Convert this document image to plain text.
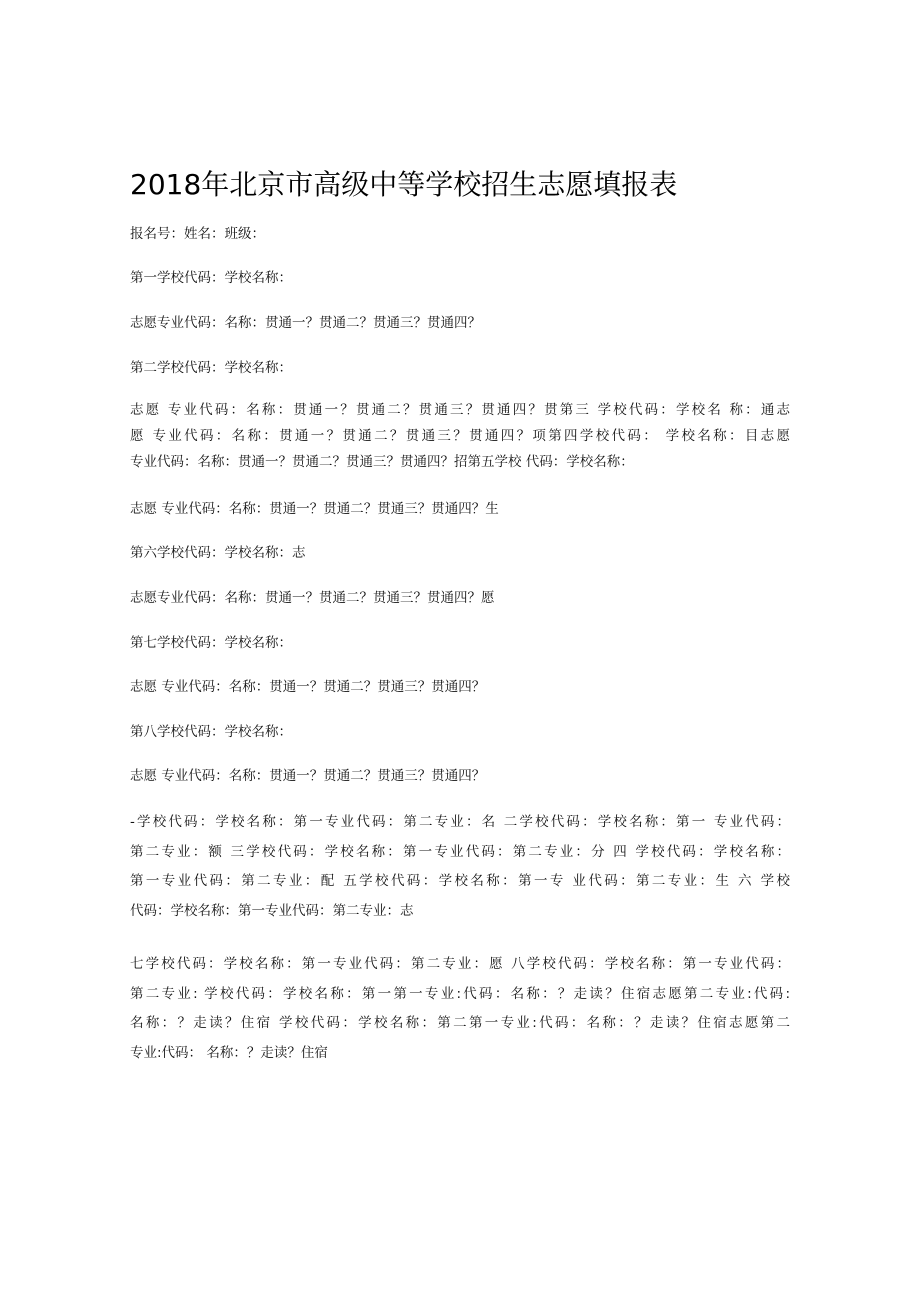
2018年北京市高级中等学校招生志愿填报表
报名号：姓名：班级：
第一学校代码：学校名称：
志愿专业代码：名称：贯通一？贯通二？贯通三？贯通四？
第二学校代码：学校名称：
志愿 专业代码：名称：贯通一？贯通二？贯通三？贯通四？贯第三 学校代码：学校名 称：通志
愿 专业代码：名称：贯通一？贯通二？贯通三？贯通四？项第四学校代码： 学校名称：目志愿
专业代码：名称：贯通一？贯通二？贯通三？贯通四？招第五学校 代码：学校名称：
志愿 专业代码：名称：贯通一？贯通二？贯通三？贯通四？生
第六学校代码：学校名称：志
志愿专业代码：名称：贯通一？贯通二？贯通三？贯通四？愿
第七学校代码：学校名称：
志愿 专业代码：名称：贯通一？贯通二？贯通三？贯通四？
第八学校代码：学校名称：
志愿 专业代码：名称：贯通一？贯通二？贯通三？贯通四？
-学校代码：学校名称：第一专业代码：第二专业：名 二学校代码：学校名称：第一 专业代码：
第二专业：额 三学校代码：学校名称：第一专业代码：第二专业：分 四 学校代码：学校名称：
第一专业代码：第二专业：配 五学校代码：学校名称：第一专 业代码：第二专业：生 六 学校
代码：学校名称：第一专业代码：第二专业：志
七学校代码：学校名称：第一专业代码：第二专业：愿 八学校代码：学校名称：第一专业代码：
第二专业: 学校代码：学校名称：第一第一专业:代码：名称：？走读？住宿志愿第二专业:代码:
名称：？走读？住宿 学校代码：学校名称：第二第一专业:代码：名称：？走读？住宿志愿第二
专业:代码： 名称：？走读？住宿
